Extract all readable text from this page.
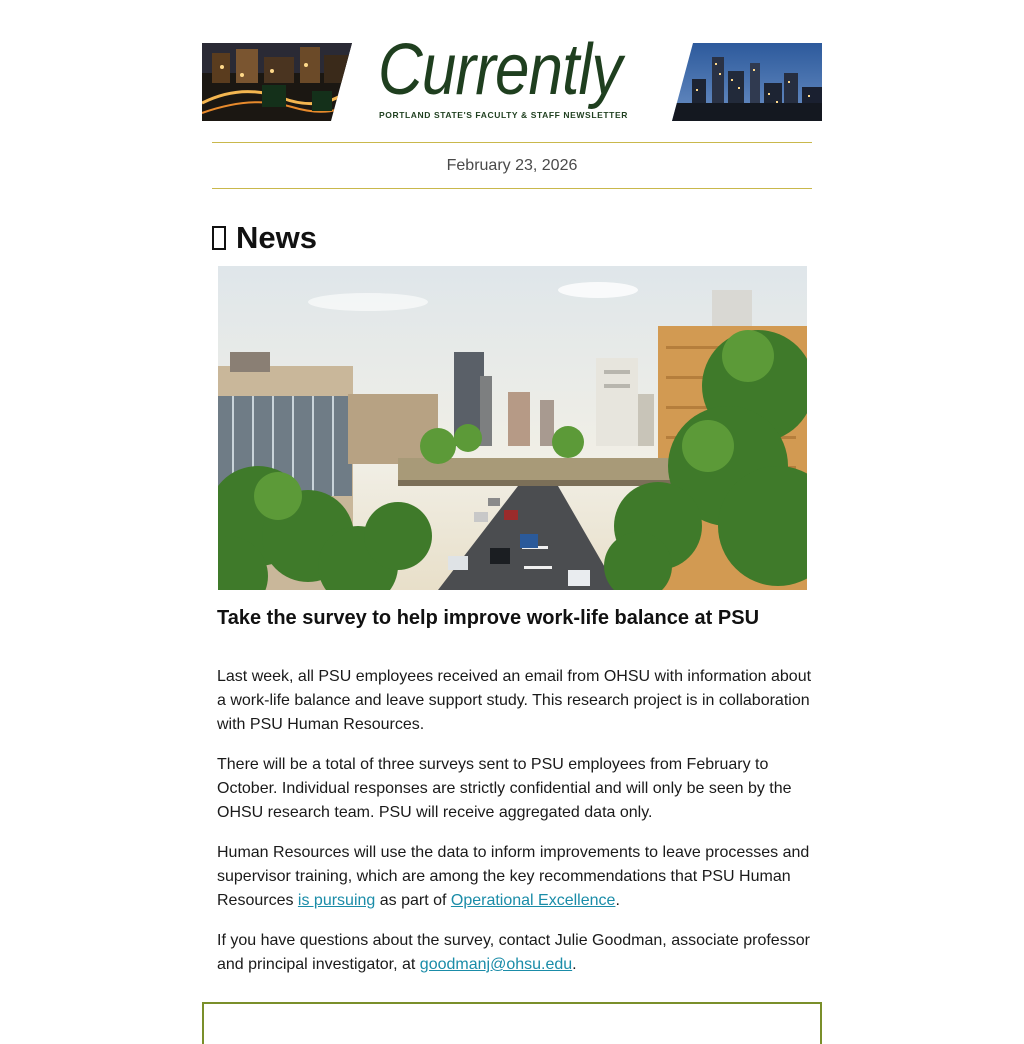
Currently
PORTLAND STATE'S FACULTY & STAFF NEWSLETTER
February 23, 2026
News
Take the survey to help improve work-life balance at PSU

Last week, all PSU employees received an email from OHSU with information about a work-life balance and leave support study. This research project is in collaboration with PSU Human Resources.

There will be a total of three surveys sent to PSU employees from February to October. Individual responses are strictly confidential and will only be seen by the OHSU research team. PSU will receive aggregated data only.

Human Resources will use the data to inform improvements to leave processes and supervisor training, which are among the key recommendations that PSU Human Resources is pursuing as part of Operational Excellence.

If you have questions about the survey, contact Julie Goodman, associate professor and principal investigator, at goodmanj@ohsu.edu.
